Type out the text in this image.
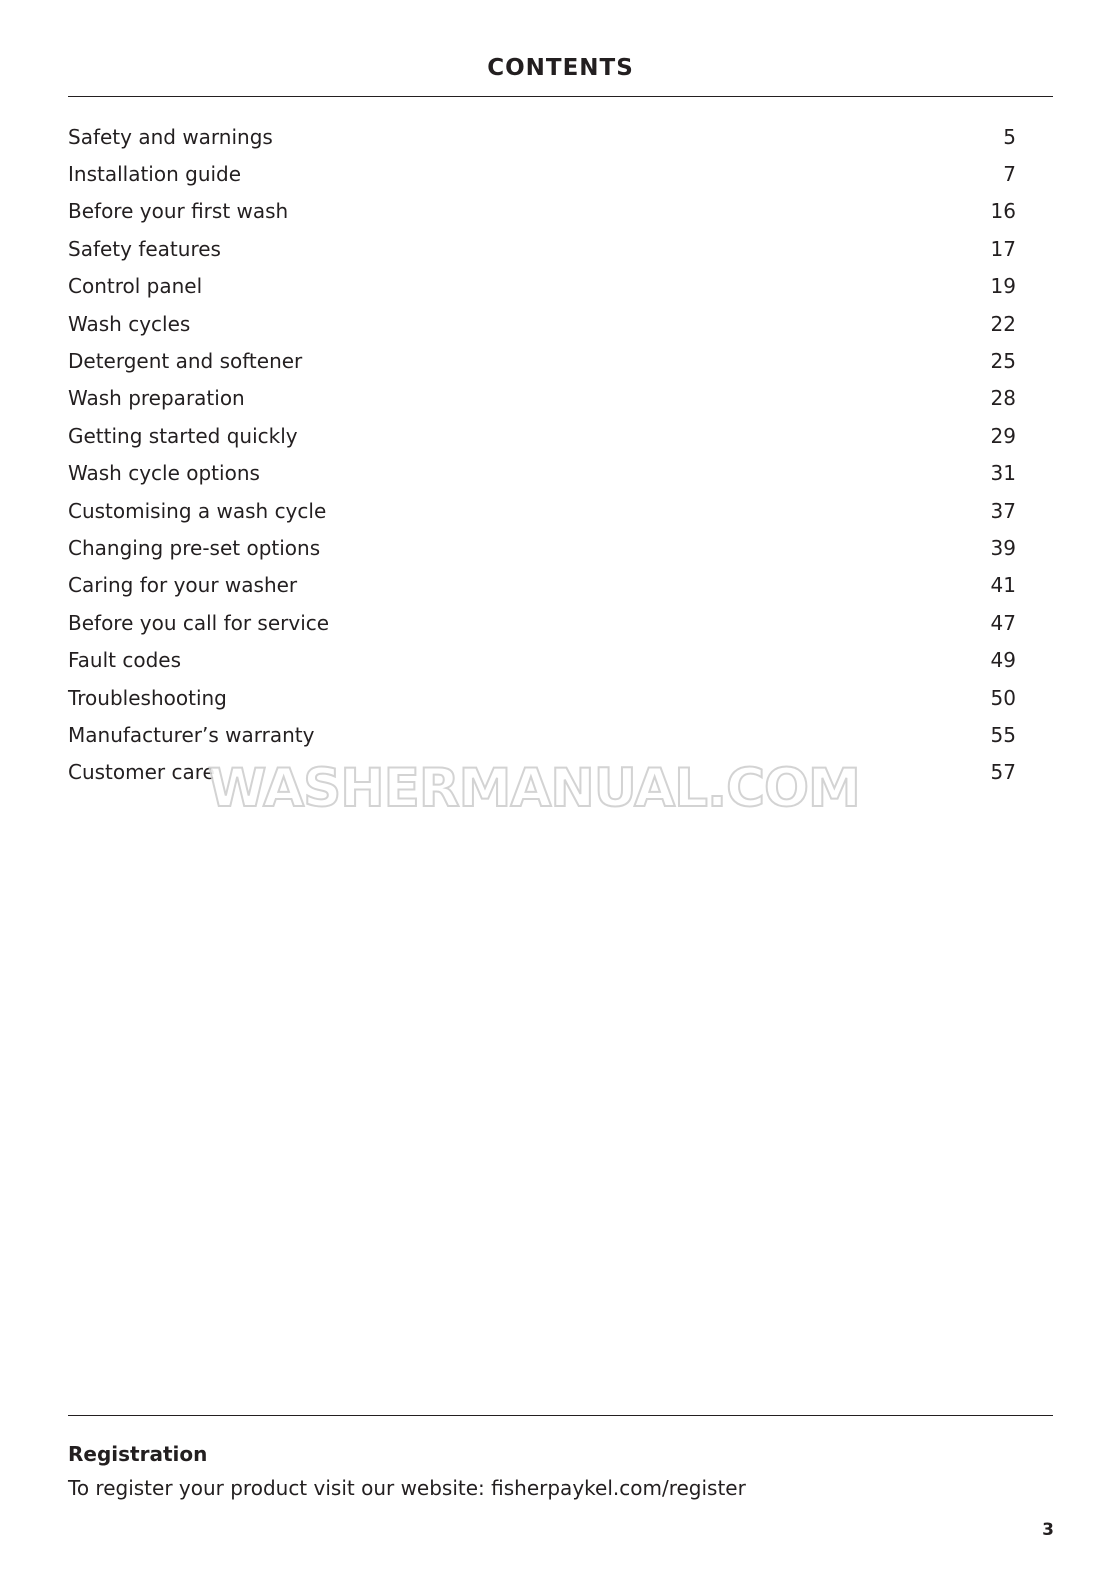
CONTENTS
Safety and warnings	5
Installation guide	7
Before your first wash	16
Safety features	17
Control panel	19
Wash cycles	22
Detergent and softener	25
Wash preparation	28
Getting started quickly	29
Wash cycle options	31
Customising a wash cycle	37
Changing pre-set options	39
Caring for your washer	41
Before you call for service	47
Fault codes	49
Troubleshooting	50
Manufacturer’s warranty	55
Customer care	57
WASHERMANUAL.COM
Registration
To register your product visit our website: fisherpaykel.com/register
3
